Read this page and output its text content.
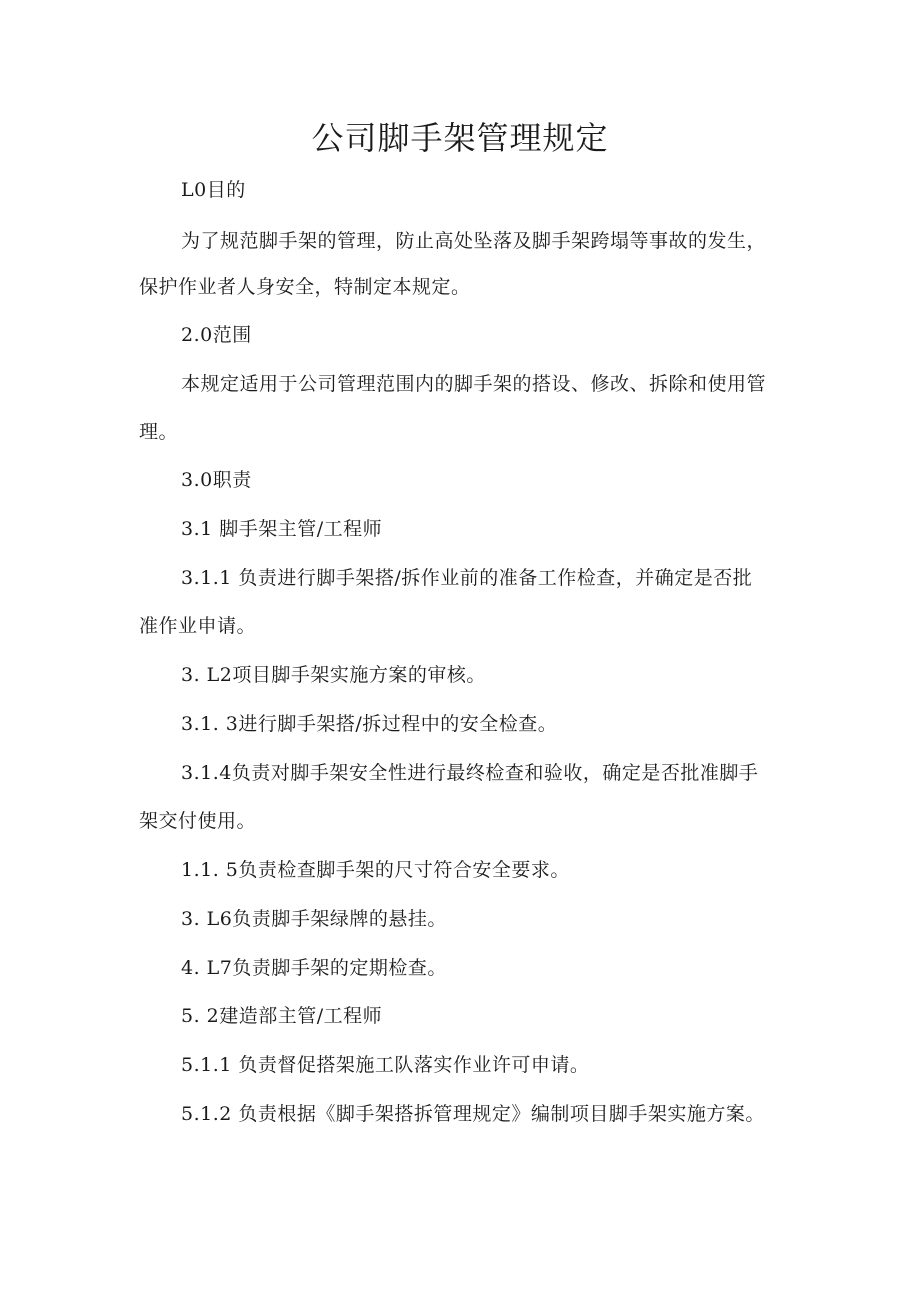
公司脚手架管理规定

L0目的

为了规范脚手架的管理，防止高处坠落及脚手架跨塌等事故的发生，

保护作业者人身安全，特制定本规定。

2.0范围

本规定适用于公司管理范围内的脚手架的搭设、修改、拆除和使用管

理。

3.0职责

3.1 脚手架主管/工程师

3.1.1 负责进行脚手架搭/拆作业前的准备工作检查，并确定是否批

准作业申请。

3. L2项目脚手架实施方案的审核。

3.1. 3进行脚手架搭/拆过程中的安全检查。

3.1.4负责对脚手架安全性进行最终检查和验收，确定是否批准脚手

架交付使用。

1.1. 5负责检查脚手架的尺寸符合安全要求。

3. L6负责脚手架绿牌的悬挂。

4. L7负责脚手架的定期检查。

5. 2建造部主管/工程师

5.1.1 负责督促搭架施工队落实作业许可申请。

5.1.2 负责根据《脚手架搭拆管理规定》编制项目脚手架实施方案。
